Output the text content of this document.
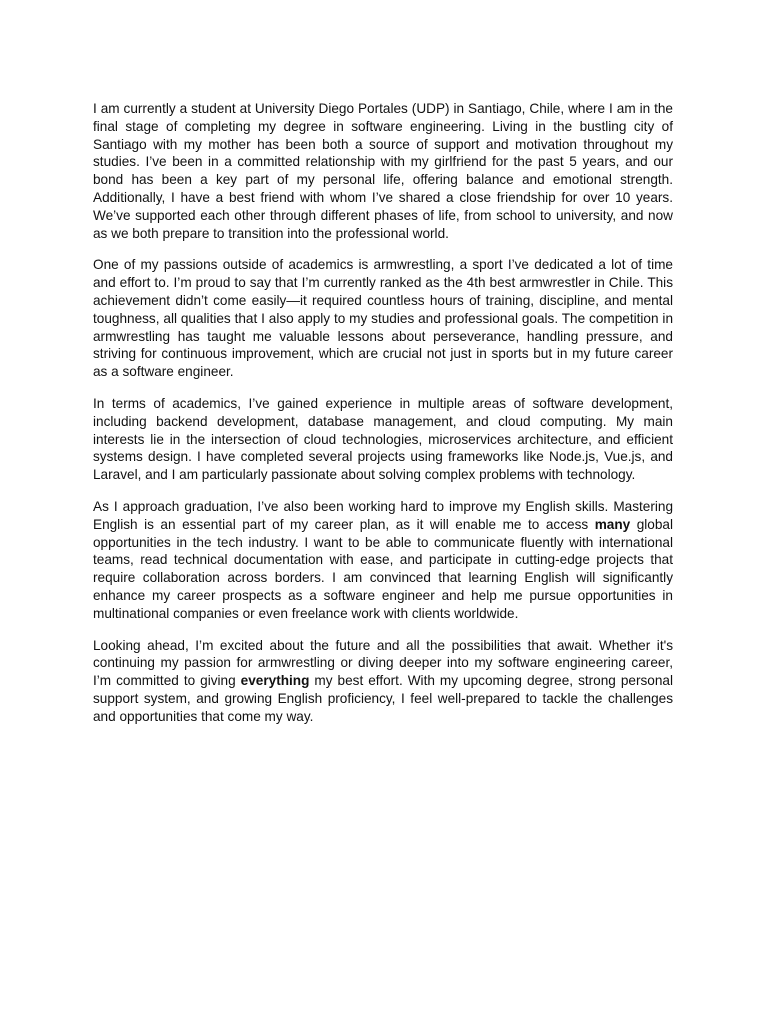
I am currently a student at University Diego Portales (UDP) in Santiago, Chile, where I am in the final stage of completing my degree in software engineering. Living in the bustling city of Santiago with my mother has been both a source of support and motivation throughout my studies. I’ve been in a committed relationship with my girlfriend for the past 5 years, and our bond has been a key part of my personal life, offering balance and emotional strength. Additionally, I have a best friend with whom I’ve shared a close friendship for over 10 years. We’ve supported each other through different phases of life, from school to university, and now as we both prepare to transition into the professional world.

One of my passions outside of academics is armwrestling, a sport I’ve dedicated a lot of time and effort to. I’m proud to say that I’m currently ranked as the 4th best armwrestler in Chile. This achievement didn’t come easily—it required countless hours of training, discipline, and mental toughness, all qualities that I also apply to my studies and professional goals. The competition in armwrestling has taught me valuable lessons about perseverance, handling pressure, and striving for continuous improvement, which are crucial not just in sports but in my future career as a software engineer.

In terms of academics, I’ve gained experience in multiple areas of software development, including backend development, database management, and cloud computing. My main interests lie in the intersection of cloud technologies, microservices architecture, and efficient systems design. I have completed several projects using frameworks like Node.js, Vue.js, and Laravel, and I am particularly passionate about solving complex problems with technology.

As I approach graduation, I’ve also been working hard to improve my English skills. Mastering English is an essential part of my career plan, as it will enable me to access many global opportunities in the tech industry. I want to be able to communicate fluently with international teams, read technical documentation with ease, and participate in cutting-edge projects that require collaboration across borders. I am convinced that learning English will significantly enhance my career prospects as a software engineer and help me pursue opportunities in multinational companies or even freelance work with clients worldwide.

Looking ahead, I’m excited about the future and all the possibilities that await. Whether it's continuing my passion for armwrestling or diving deeper into my software engineering career, I’m committed to giving everything my best effort. With my upcoming degree, strong personal support system, and growing English proficiency, I feel well-prepared to tackle the challenges and opportunities that come my way.
